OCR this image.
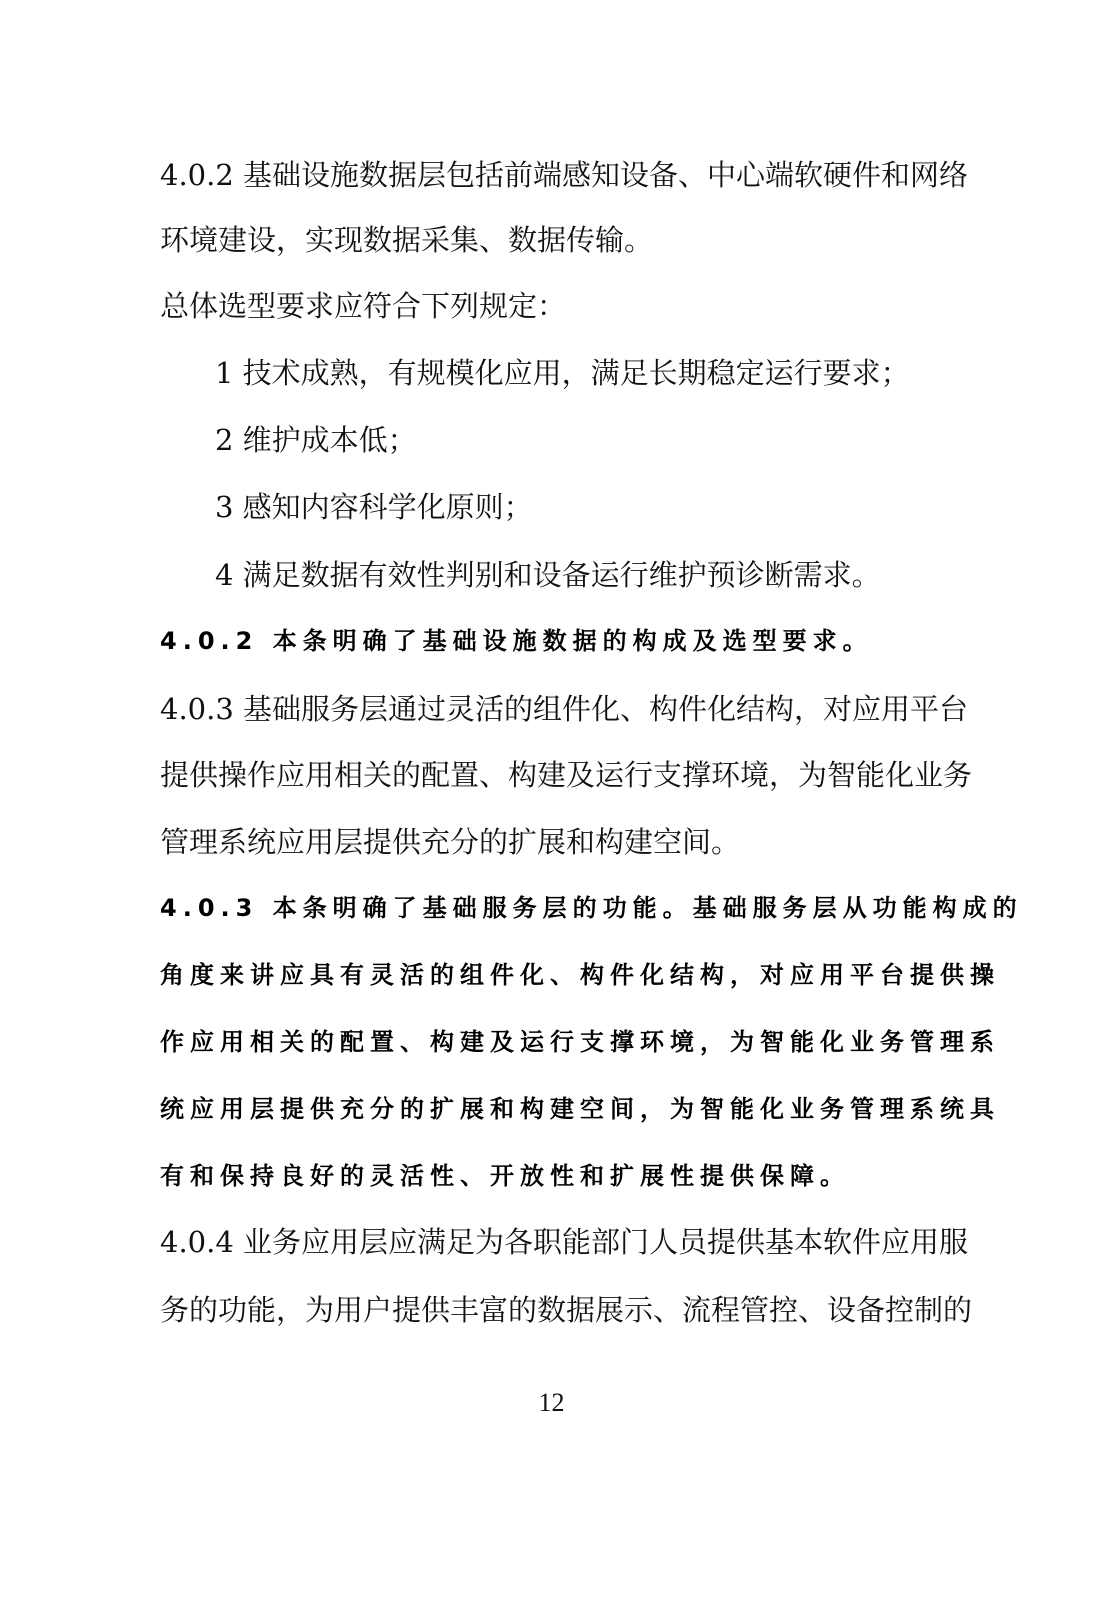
4.0.2 基础设施数据层包括前端感知设备、中心端软硬件和网络
环境建设，实现数据采集、数据传输。
总体选型要求应符合下列规定：
1 技术成熟，有规模化应用，满足长期稳定运行要求；
2 维护成本低；
3 感知内容科学化原则；
4 满足数据有效性判别和设备运行维护预诊断需求。
4.0.2 本条明确了基础设施数据的构成及选型要求。
4.0.3 基础服务层通过灵活的组件化、构件化结构，对应用平台
提供操作应用相关的配置、构建及运行支撑环境，为智能化业务
管理系统应用层提供充分的扩展和构建空间。
4.0.3 本条明确了基础服务层的功能。基础服务层从功能构成的
角度来讲应具有灵活的组件化、构件化结构，对应用平台提供操
作应用相关的配置、构建及运行支撑环境，为智能化业务管理系
统应用层提供充分的扩展和构建空间，为智能化业务管理系统具
有和保持良好的灵活性、开放性和扩展性提供保障。
4.0.4 业务应用层应满足为各职能部门人员提供基本软件应用服
务的功能，为用户提供丰富的数据展示、流程管控、设备控制的
12
